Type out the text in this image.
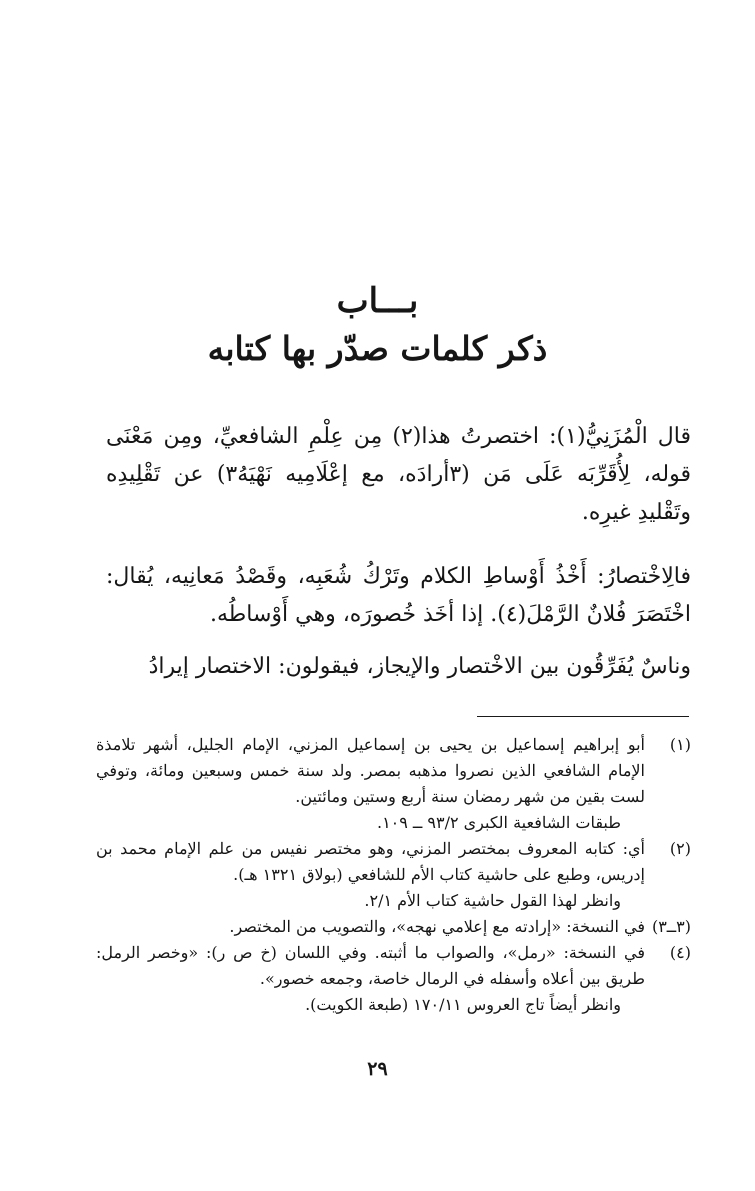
بـــاب
ذكر كلمات صدّر بها كتابه
قال الْمُزَنِيُّ(١): اختصرتُ هذا(٢) مِن عِلْمِ الشافعيِّ، ومِن مَعْنَى قوله، لِأُقَرِّبَه عَلَى مَن (٣أرادَه، مع إعْلَامِيه نَهْيَهُ٣) عن تَقْلِيدِه وتَقْليدِ غيرِه.
فالِاخْتصارُ: أَخْذُ أَوْساطِ الكلام وتَرْكُ شُعَبِه، وقَصْدُ مَعانِيه، يُقال: اخْتَصَرَ فُلانٌ الرَّمْلَ(٤). إذا أخَذ خُصورَه، وهي أَوْساطُه.
وناسٌ يُفَرِّقُون بين الاخْتصار والإيجاز، فيقولون: الاختصار إيرادُ
(١)

أبو إبراهيم إسماعيل بن يحيى بن إسماعيل المزني، الإمام الجليل، أشهر تلامذة الإمام الشافعي الذين نصروا مذهبه بمصر. ولد سنة خمس وسبعين ومائة، وتوفي لست بقين من شهر رمضان سنة أربع وستين ومائتين.

طبقات الشافعية الكبرى ٩٣/٢ ــ ١٠٩.

(٢)

أي: كتابه المعروف بمختصر المزني، وهو مختصر نفيس من علم الإمام محمد بن إدريس، وطبع على حاشية كتاب الأم للشافعي (بولاق ١٣٢١ هـ).

وانظر لهذا القول حاشية كتاب الأم ٢/١.

(٣ــ٣)

في النسخة: «إرادته مع إعلامي نهجه»، والتصويب من المختصر.

(٤)

في النسخة: «رمل»، والصواب ما أثبته. وفي اللسان (خ ص ر): «وخصر الرمل: طريق بين أعلاه وأسفله في الرمال خاصة، وجمعه خصور».

وانظر أيضاً تاج العروس ١٧٠/١١ (طبعة الكويت).

٢٩
